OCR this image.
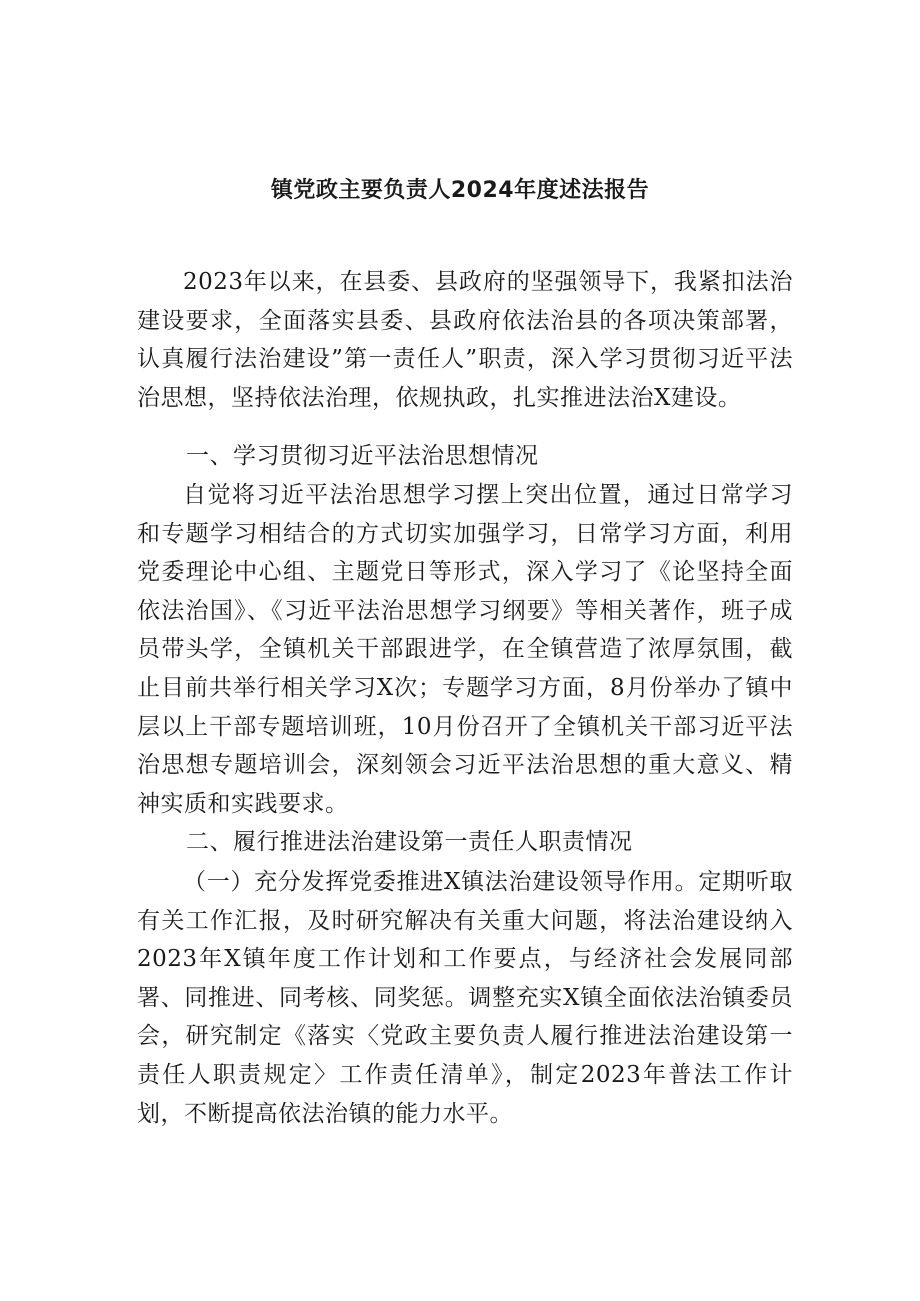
镇党政主要负责人2024年度述法报告

2023年以来，在县委、县政府的坚强领导下，我紧扣法治建设要求，全面落实县委、县政府依法治县的各项决策部署，认真履行法治建设”第一责任人”职责，深入学习贯彻习近平法治思想，坚持依法治理，依规执政，扎实推进法治X建设。

一、学习贯彻习近平法治思想情况

自觉将习近平法治思想学习摆上突出位置，通过日常学习和专题学习相结合的方式切实加强学习，日常学习方面，利用党委理论中心组、主题党日等形式，深入学习了《论坚持全面依法治国》、《习近平法治思想学习纲要》等相关著作，班子成员带头学，全镇机关干部跟进学，在全镇营造了浓厚氛围，截止目前共举行相关学习X次；专题学习方面，8月份举办了镇中层以上干部专题培训班，10月份召开了全镇机关干部习近平法治思想专题培训会，深刻领会习近平法治思想的重大意义、精神实质和实践要求。

二、履行推进法治建设第一责任人职责情况

（一）充分发挥党委推进X镇法治建设领导作用。定期听取有关工作汇报，及时研究解决有关重大问题，将法治建设纳入2023年X镇年度工作计划和工作要点，与经济社会发展同部署、同推进、同考核、同奖惩。调整充实X镇全面依法治镇委员会，研究制定《落实〈党政主要负责人履行推进法治建设第一责任人职责规定〉工作责任清单》，制定2023年普法工作计划，不断提高依法治镇的能力水平。
